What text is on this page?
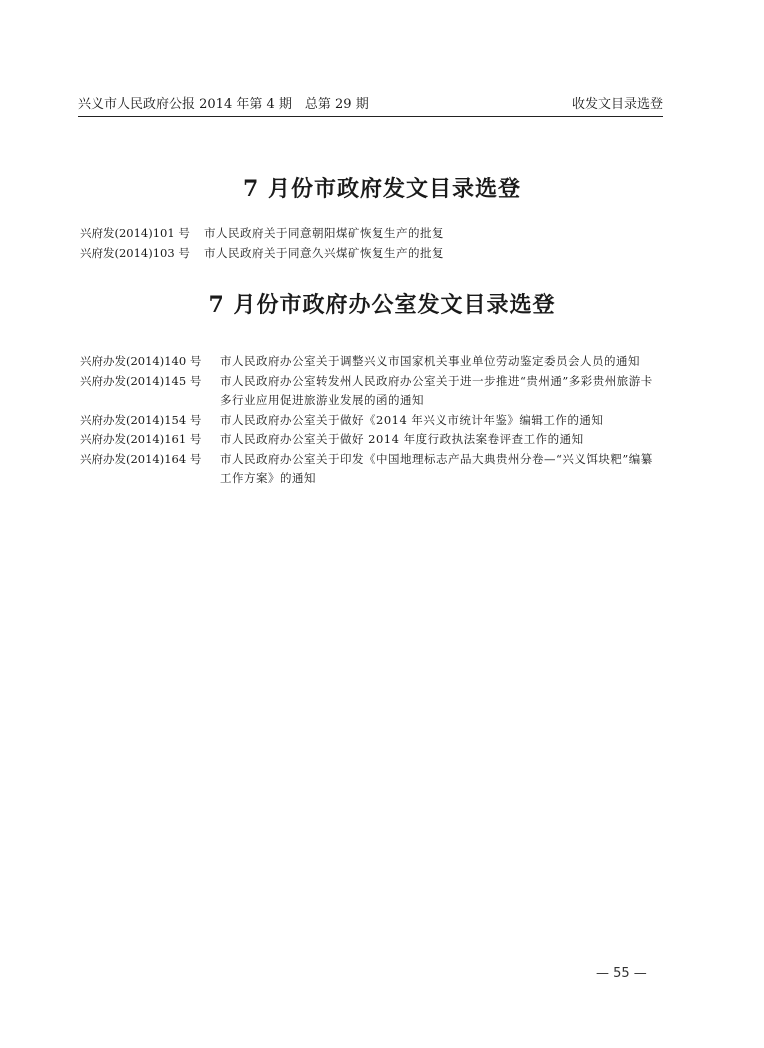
兴义市人民政府公报 2014 年第 4 期　总第 29 期	收发文目录选登
7 月份市政府发文目录选登
兴府发(2014)101 号	市人民政府关于同意朝阳煤矿恢复生产的批复
兴府发(2014)103 号	市人民政府关于同意久兴煤矿恢复生产的批复
7 月份市政府办公室发文目录选登
兴府办发(2014)140 号	市人民政府办公室关于调整兴义市国家机关事业单位劳动鉴定委员会人员的通知
兴府办发(2014)145 号	市人民政府办公室转发州人民政府办公室关于进一步推进“贵州通”多彩贵州旅游卡多行业应用促进旅游业发展的函的通知
兴府办发(2014)154 号	市人民政府办公室关于做好《2014 年兴义市统计年鉴》编辑工作的通知
兴府办发(2014)161 号	市人民政府办公室关于做好 2014 年度行政执法案卷评查工作的通知
兴府办发(2014)164 号	市人民政府办公室关于印发《中国地理标志产品大典贵州分卷—“兴义饵块粑”编纂工作方案》的通知
— 55 —
